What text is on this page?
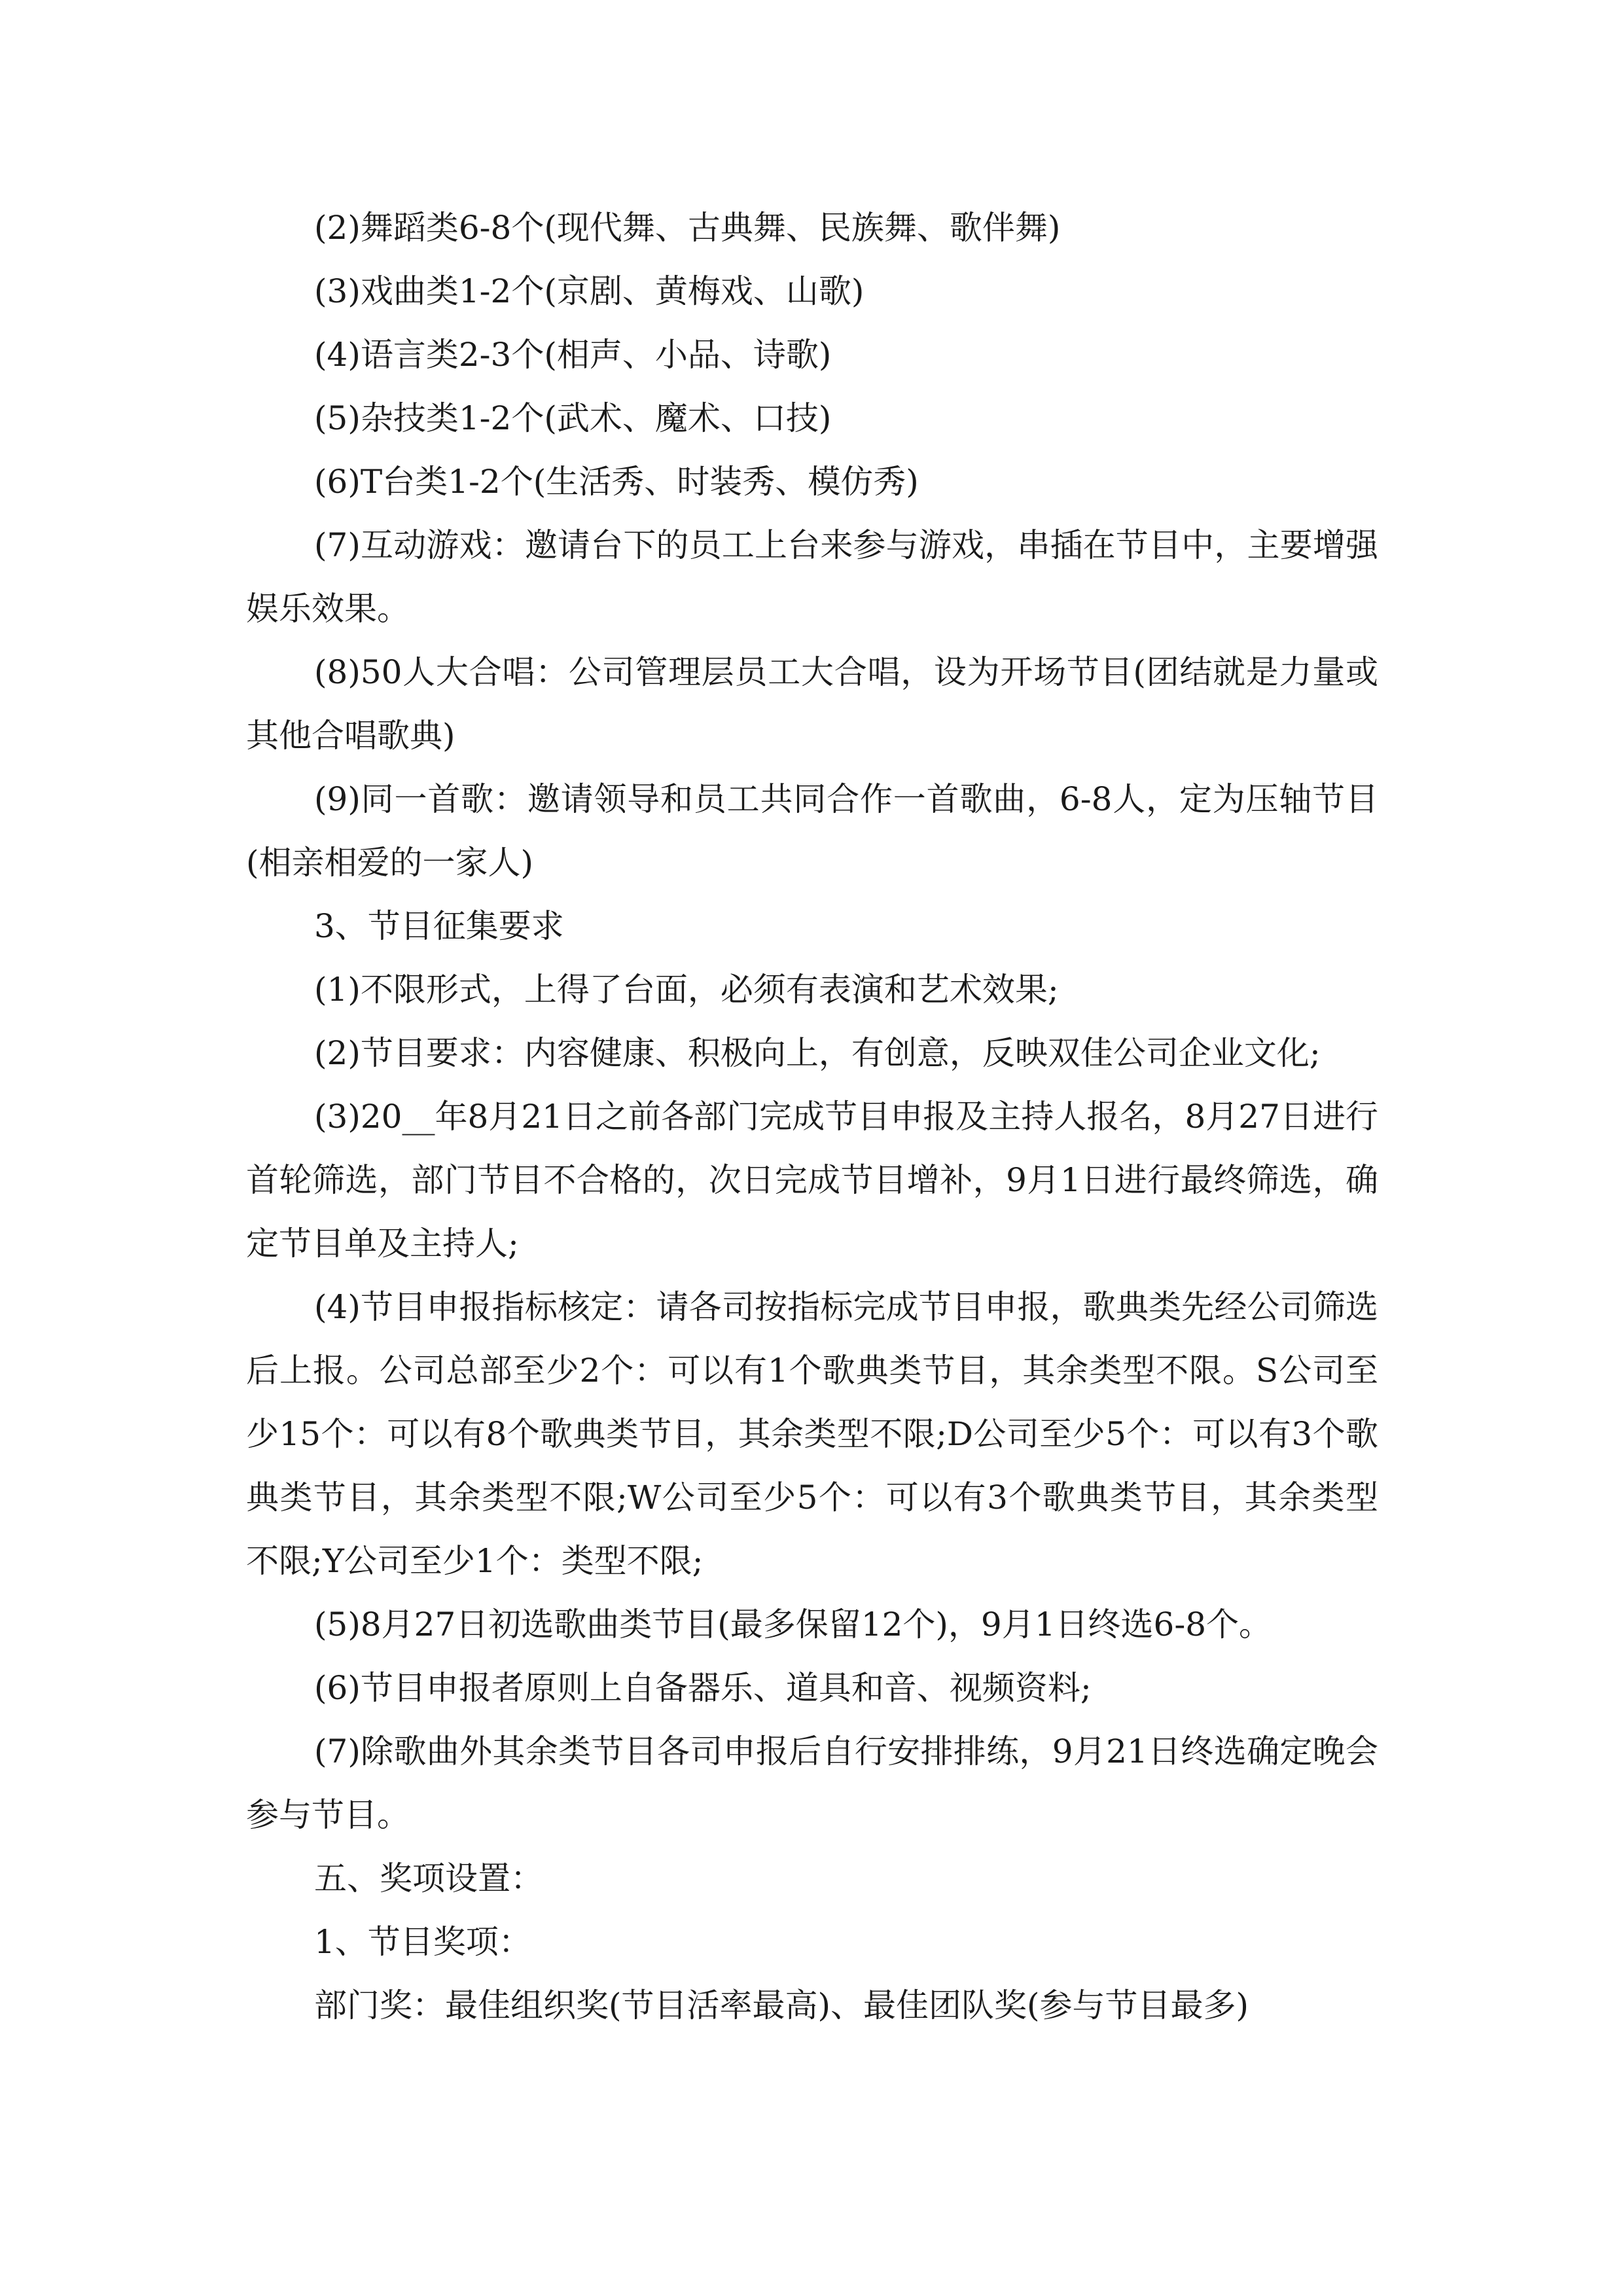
(2)舞蹈类6-8个(现代舞、古典舞、民族舞、歌伴舞)

(3)戏曲类1-2个(京剧、黄梅戏、山歌)

(4)语言类2-3个(相声、小品、诗歌)

(5)杂技类1-2个(武术、魔术、口技)

(6)T台类1-2个(生活秀、时装秀、模仿秀)

(7)互动游戏：邀请台下的员工上台来参与游戏，串插在节目中，主要增强娱乐效果。

(8)50人大合唱：公司管理层员工大合唱，设为开场节目(团结就是力量或其他合唱歌典)

(9)同一首歌：邀请领导和员工共同合作一首歌曲，6-8人，定为压轴节目(相亲相爱的一家人)

3、节目征集要求

(1)不限形式，上得了台面，必须有表演和艺术效果;

(2)节目要求：内容健康、积极向上，有创意，反映双佳公司企业文化;

(3)20__年8月21日之前各部门完成节目申报及主持人报名，8月27日进行首轮筛选，部门节目不合格的，次日完成节目增补，9月1日进行最终筛选，确定节目单及主持人;

(4)节目申报指标核定：请各司按指标完成节目申报，歌典类先经公司筛选后上报。公司总部至少2个：可以有1个歌典类节目，其余类型不限。S公司至少15个：可以有8个歌典类节目，其余类型不限;D公司至少5个：可以有3个歌典类节目，其余类型不限;W公司至少5个：可以有3个歌典类节目，其余类型不限;Y公司至少1个：类型不限;

(5)8月27日初选歌曲类节目(最多保留12个)，9月1日终选6-8个。

(6)节目申报者原则上自备器乐、道具和音、视频资料;

(7)除歌曲外其余类节目各司申报后自行安排排练，9月21日终选确定晚会参与节目。

五、奖项设置：

1、节目奖项：

部门奖：最佳组织奖(节目活率最高)、最佳团队奖(参与节目最多)
